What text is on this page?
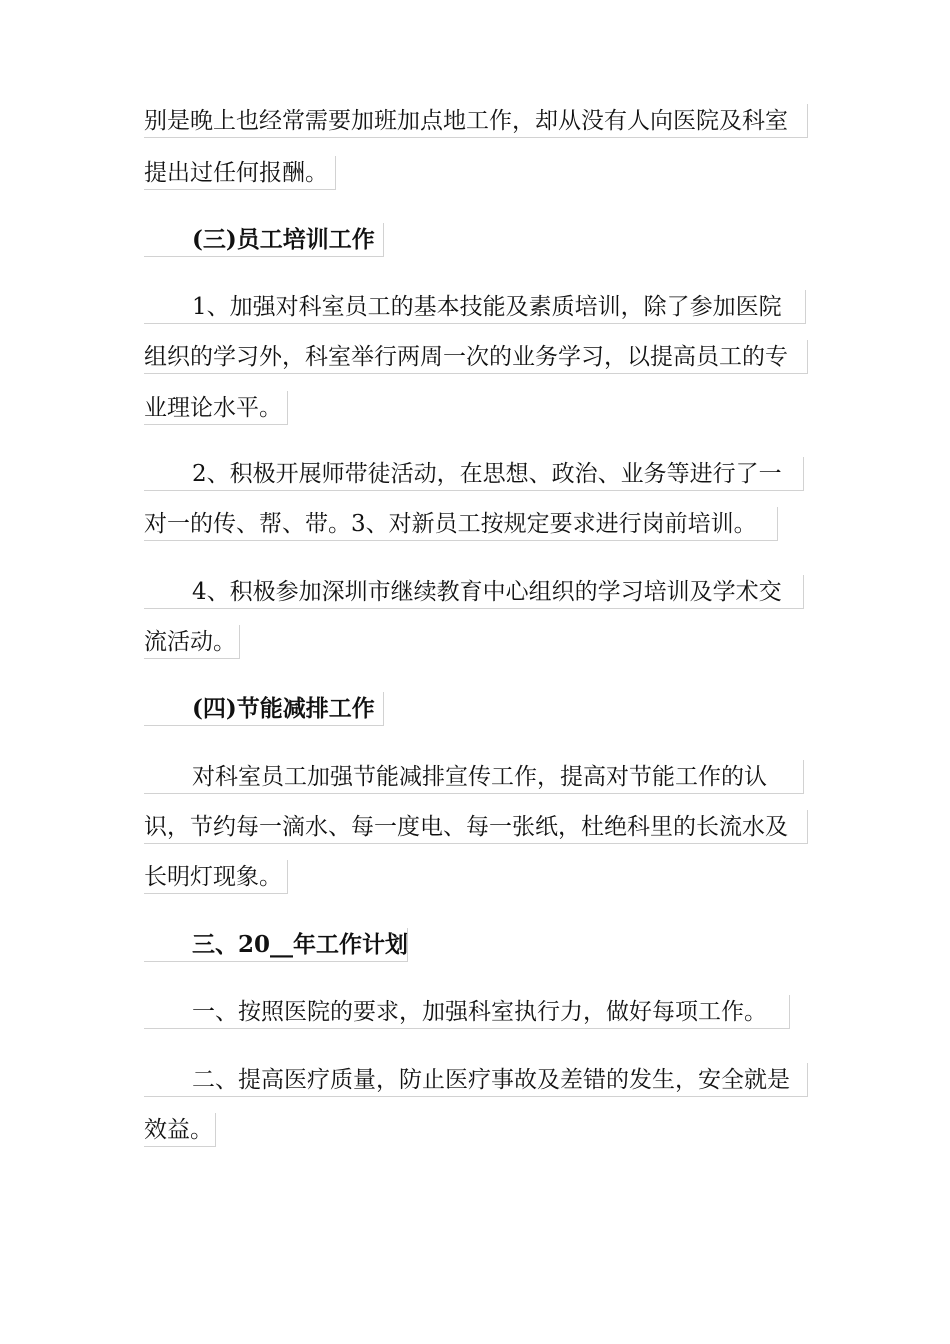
别是晚上也经常需要加班加点地工作，却从没有人向医院及科室
提出过任何报酬。
(三)员工培训工作
1、加强对科室员工的基本技能及素质培训，除了参加医院
组织的学习外，科室举行两周一次的业务学习，以提高员工的专
业理论水平。
2、积极开展师带徒活动，在思想、政治、业务等进行了一
对一的传、帮、带。3、对新员工按规定要求进行岗前培训。
4、积极参加深圳市继续教育中心组织的学习培训及学术交
流活动。
(四)节能减排工作
对科室员工加强节能减排宣传工作，提高对节能工作的认
识，节约每一滴水、每一度电、每一张纸，杜绝科里的长流水及
长明灯现象。
三、20__年工作计划
一、按照医院的要求，加强科室执行力，做好每项工作。
二、提高医疗质量，防止医疗事故及差错的发生，安全就是
效益。
